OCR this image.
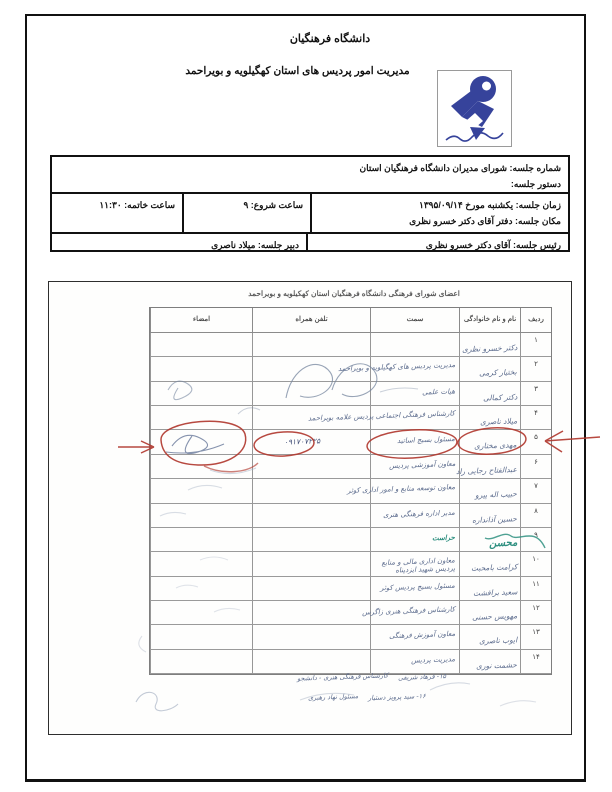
دانشگاه فرهنگیان
مدیریت امور پردیس های استان کهگیلویه و بویراحمد
شماره جلسه: شورای مدیران دانشگاه فرهنگیان استان
دستور جلسه:
زمان جلسه: یکشنبه مورخ ۱۳۹۵/۰۹/۱۴
مکان جلسه: دفتر آقای دکتر خسرو نظری
ساعت شروع: ۹
ساعت خاتمه: ۱۱:۳۰
رئیس جلسه: آقای دکتر خسرو نظری
دبیر جلسه: میلاد ناصری
اعضای شورای فرهنگی دانشگاه فرهنگیان استان کهکیلویه و بویراحمد
ردیف
نام و نام خانوادگی
سمت
تلفن همراه
امضاء
۱
دکتر خسرو نظری
۲
بختیار کرمی
مدیریت پردیس های کهگیلویه و بویراحمد
۳
دکتر کمالی
هیات علمی
۴
میلاد ناصری
کارشناس فرهنگی اجتماعی پردیس علامه بویراحمد
۵
مهدی مختاری
مسئول بسیج اساتید
۰۹۱۷۰۷۲۲۵
۶
عبدالفتاح رجایی راد
معاون آموزشی پردیس
۷
حبیب اله پیرو
معاون توسعه منابع و امور اداری کوثر
۸
حسین آذانداره
مدیر اداره فرهنگی هنری
۹
محسن
حراست
۱۰
کرامت بامحبت
معاون اداری مالی و منابع پردیس شهید ایزدپناه
۱۱
سعید برافشت
مسئول بسیج پردیس کوثر
۱۲
مهویس حسنی
کارشناس فرهنگی هنری زاگرس
۱۳
ایوب ناصری
معاون آموزش فرهنگی
۱۴
حشمت نوری
مدیریت پردیس
۱۵- فرهاد شریفی
کارشناس فرهنگی هنری - دانشجو
۱۶- سید پرویز دستیار
مسئول نهاد رهبری
